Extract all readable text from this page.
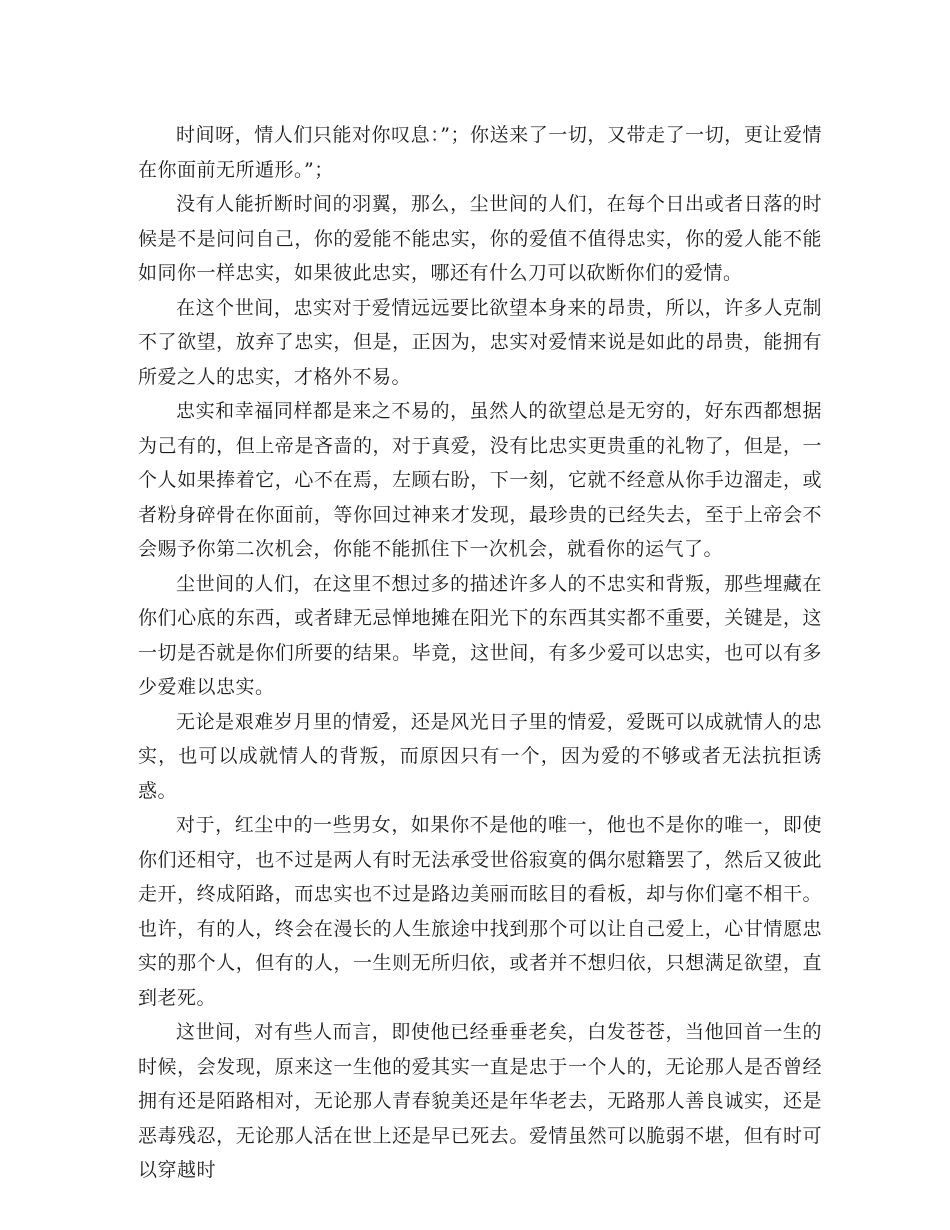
时间呀，情人们只能对你叹息：”；你送来了一切，又带走了一切，更让爱情在你面前无所遁形。”；

没有人能折断时间的羽翼，那么，尘世间的人们，在每个日出或者日落的时候是不是问问自己，你的爱能不能忠实，你的爱值不值得忠实，你的爱人能不能如同你一样忠实，如果彼此忠实，哪还有什么刀可以砍断你们的爱情。

在这个世间，忠实对于爱情远远要比欲望本身来的昂贵，所以，许多人克制不了欲望，放弃了忠实，但是，正因为，忠实对爱情来说是如此的昂贵，能拥有所爱之人的忠实，才格外不易。

忠实和幸福同样都是来之不易的，虽然人的欲望总是无穷的，好东西都想据为己有的，但上帝是吝啬的，对于真爱，没有比忠实更贵重的礼物了，但是，一个人如果捧着它，心不在焉，左顾右盼，下一刻，它就不经意从你手边溜走，或者粉身碎骨在你面前，等你回过神来才发现，最珍贵的已经失去，至于上帝会不会赐予你第二次机会，你能不能抓住下一次机会，就看你的运气了。

尘世间的人们，在这里不想过多的描述许多人的不忠实和背叛，那些埋藏在你们心底的东西，或者肆无忌惮地摊在阳光下的东西其实都不重要，关键是，这一切是否就是你们所要的结果。毕竟，这世间，有多少爱可以忠实，也可以有多少爱难以忠实。

无论是艰难岁月里的情爱，还是风光日子里的情爱，爱既可以成就情人的忠实，也可以成就情人的背叛，而原因只有一个，因为爱的不够或者无法抗拒诱惑。

对于，红尘中的一些男女，如果你不是他的唯一，他也不是你的唯一，即使你们还相守，也不过是两人有时无法承受世俗寂寞的偶尔慰籍罢了，然后又彼此走开，终成陌路，而忠实也不过是路边美丽而眩目的看板，却与你们毫不相干。也许，有的人，终会在漫长的人生旅途中找到那个可以让自己爱上，心甘情愿忠实的那个人，但有的人，一生则无所归依，或者并不想归依，只想满足欲望，直到老死。

这世间，对有些人而言，即使他已经垂垂老矣，白发苍苍，当他回首一生的时候，会发现，原来这一生他的爱其实一直是忠于一个人的，无论那人是否曾经拥有还是陌路相对，无论那人青春貌美还是年华老去，无路那人善良诚实，还是恶毒残忍，无论那人活在世上还是早已死去。爱情虽然可以脆弱不堪，但有时可以穿越时
